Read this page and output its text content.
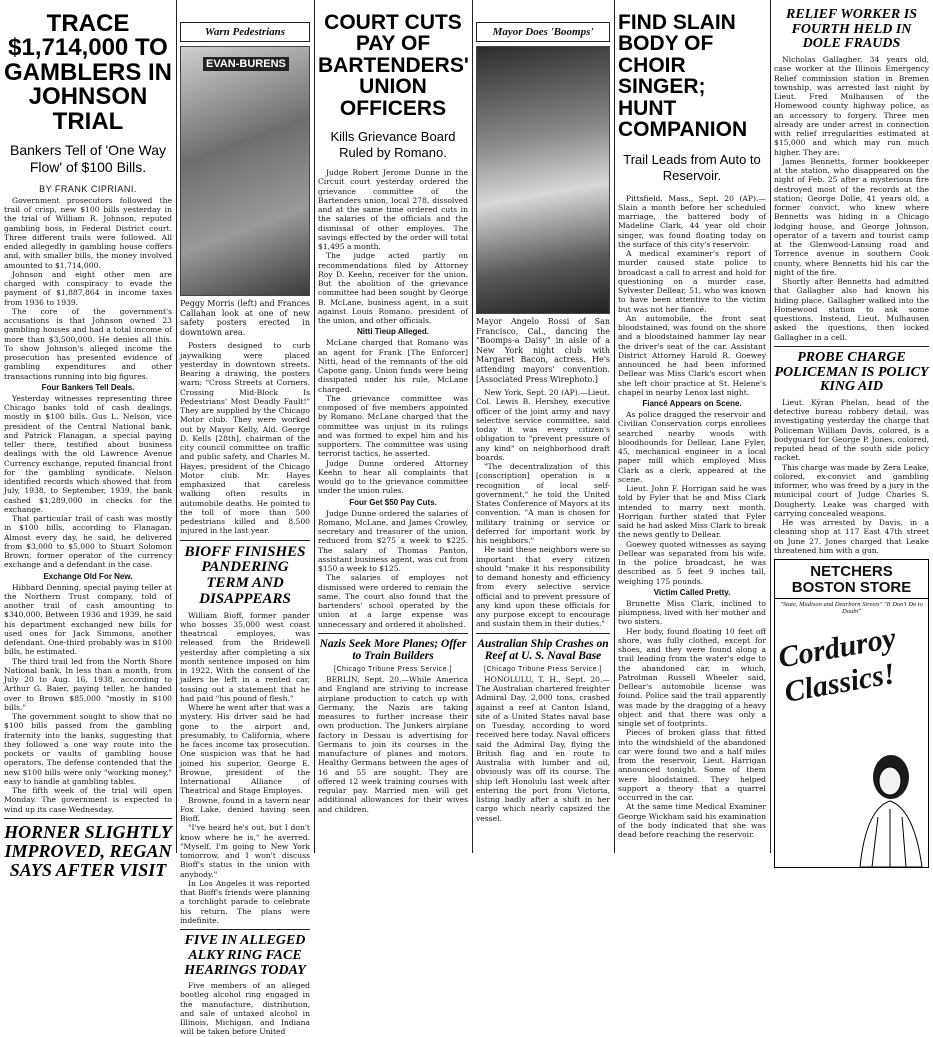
TRACE $1,714,000 TO GAMBLERS IN JOHNSON TRIAL
Bankers Tell of 'One Way Flow' of $100 Bills.
BY FRANK CIPRIANI.

Government prosecutors followed the trail of crisp, new $100 bills yesterday in the trial of William R. Johnson, reputed gambling boss, in Federal District court. Three different trails were followed. All ended allegedly in gambling house coffers and, with smaller bills, the money involved amounted to $1,714,000.

Johnson and eight other men are charged with conspiracy to evade the payment of $1,887,864 in income taxes from 1936 to 1939.

The core of the government's accusations is that Johnson owned 23 gambling houses and had a total income of more than $3,500,000. He denies all this. To show Johnson's alleged income the prosecution has presented evidence of gambling expenditures and other transactions running into big figures.

Four Bankers Tell Deals.

Yesterday witnesses representing three Chicago banks told of cash dealings, mostly in $100 bills. Gus L. Nelson, vice president of the Central National bank, and Patrick Flanagan, a special paying teller there, testified about business dealings with the old Lawrence Avenue Currency exchange, reputed financial front for the gambling syndicate. Nelson identified records which showed that from July, 1938, to September, 1939, the bank cashed $1,289,000 in checks for the exchange.

That particular trail of cash was mostly in $100 bills, according to Flanagan. Almost every day, he said, he delivered from $3,000 to $5,000 to Stuart Solomon Brown, former operator of the currency exchange and a defendant in the case.

Exchange Old For New.

Hibbard Denning, special paying teller at the Northern Trust company, told of another trail of cash amounting to $340,000. Between 1936 and 1939, he said his department exchanged new bills for used ones for Jack Simmons, another defendant. One-third probably was in $100 bills, he estimated.

The third trail led from the North Shore National bank. In less than a month, from July 20 to Aug. 16, 1938, according to Arthur G. Baier, paying teller, he handed over to Brown $85,000 "mostly in $100 bills."

The government sought to show that no $100 bills passed from the gambling fraternity into the banks, suggesting that they followed a one way route into the pockets or vaults of gambling house operators. The defense contended that the new $100 bills were only "working money," easy to handle at gambling tables.

The fifth week of the trial will open Monday. The government is expected to wind up its case Wednesday.

HORNER SLIGHTLY IMPROVED, REGAN SAYS AFTER VISIT
Warn Pedestrians
EVAN-BURENS
Peggy Morris (left) and Frances Callahan look at one of new safety posters erected in downtown area.

Posters designed to curb jaywalking were placed yesterday in downtown streets. Bearing a drawing, the posters warn: "Cross Streets at Corners. Crossing Mid-Block Is Pedestrians' Most Deadly Fault!" They are supplied by the Chicago Motor club. They were worked out by Mayor Kelly, Ald. George D. Kells [28th], chairman of the city council committee on traffic and public safety, and Charles M. Hayes, president of the Chicago Motor club. Mr. Hayes emphasized that careless walking often results in automobile deaths. He pointed to the toll of more than 500 pedestrians killed and 8,500 injured in the last year.

BIOFF FINISHES PANDERING TERM AND DISAPPEARS

William Bioff, former pander who bosses 35,000 west coast theatrical employes, was released from the Bridewell yesterday after completing a six month sentence imposed on him in 1922. With the consent of the jailers he left in a rented car, tossing out a statement that he had paid "his pound of flesh."

Where he went after that was a mystery. His driver said he had gone to the airport and, presumably, to California, where he faces income tax prosecution. One suspicion was that he had joined his superior, George E. Browne, president of the International Alliance of Theatrical and Stage Employes.

Browne, found in a tavern near Fox Lake, denied having seen Bioff.

"I've heard he's out, but I don't know where he is," he averred. "Myself, I'm going to New York tomorrow, and I won't discuss Bioff's status in the union with anybody."

In Los Angeles it was reported that Bioff's friends were planning a torchlight parade to celebrate his return. The plans were indefinite.

FIVE IN ALLEGED ALKY RING FACE HEARINGS TODAY

Five members of an alleged bootleg alcohol ring engaged in the manufacture, distribution, and sale of untaxed alcohol in Illinois, Michigan, and Indiana will be taken before United

COURT CUTS PAY OF BARTENDERS' UNION OFFICERS
Kills Grievance Board Ruled by Romano.

Judge Robert Jerome Dunne in the Circuit court yesterday ordered the grievance committee of the Bartenders union, local 278, dissolved and at the same time ordered cuts in the salaries of the officials and the dismissal of other employes. The savings effected by the order will total $1,495 a month.

The judge acted partly on recommendations filed by Attorney Roy D. Keehn, receiver for the union. But the abolition of the grievance committee had been sought by George B. McLane, business agent, in a suit against Louis Romano, president of the union, and other officials.

Nitti Tieup Alleged.

McLane charged that Romano was an agent for Frank [The Enforcer] Nitti, head of the remnants of the old Capone gang. Union funds were being dissipated under his rule, McLane charged.

The grievance committee was composed of five members appointed by Romano. McLane charged that the committee was unjust in its rulings and was formed to expel him and his supporters. The committee was using terrorist tactics, he asserted.

Judge Dunne ordered Attorney Keehn to hear all complaints that would go to the grievance committee under the union rules.

Four Get $50 Pay Cuts.

Judge Dunne ordered the salaries of Romano, McLane, and James Crowley, secretary and treasurer of the union, reduced from $275 a week to $225. The salary of Thomas Panton, assistant business agent, was cut from $150 a week to $125.

The salaries of employes not dismissed were ordered to remain the same. The court also found that the bartenders' school operated by the union at a large expense was unnecessary and ordered it abolished.

Nazis Seek More Planes; Offer to Train Builders
[Chicago Tribune Press Service.]

BERLIN, Sept. 20.—While America and England are striving to increase airplane production to catch up with Germany, the Nazis are taking measures to further increase their own production. The Junkers airplane factory in Dessau is advertising for Germans to join its courses in the manufacture of planes and motors. Healthy Germans between the ages of 16 and 55 are sought. They are offered 12 week training courses with regular pay. Married men will get additional allowances for their wives and children.

Mayor Does 'Boomps'
Mayor Angelo Rossi of San Francisco, Cal., dancing the "Boomps-a Daisy" in aisle of a New York night club with Margaret Bacon, actress. He's attending mayors' convention. [Associated Press Wirephoto.]

New York, Sept. 20 (AP).—Lieut. Col. Lewis B. Hershey, executive officer of the joint army and navy selective service committee, said today it was every citizen's obligation to "prevent pressure of any kind" on neighborhood draft boards.

"The decentralization of this [conscription] operation is a recognition of local self-government," he told the United States Conference of Mayors at its convention. "A man is chosen for military training or service or deferred for important work by his neighbors."

He said these neighbors were so important that every citizen should "make it his responsibility to demand honesty and efficiency from every selective service official and to prevent pressure of any kind upon these officials for any purpose except to encourage and sustain them in their duties."

Australian Ship Crashes on Reef at U. S. Naval Base
[Chicago Tribune Press Service.]

HONOLULU, T. H., Sept. 20.—The Australian chartered freighter Admiral Day, 2,000 tons, crashed against a reef at Canton Island, site of a United States naval base on Tuesday, according to word received here today. Naval officers said the Admiral Day, flying the British flag and en route to Australia with lumber and oil, obviously was off its course. The ship left Honolulu last week after entering the port from Victoria, listing badly after a shift in her cargo which nearly capsized the vessel.

FIND SLAIN BODY OF CHOIR SINGER; HUNT COMPANION
Trail Leads from Auto to Reservoir.

Pittsfield, Mass., Sept. 20 (AP).—Slain a month before her scheduled marriage, the battered body of Madeline Clark, 44 year old choir singer, was found floating today on the surface of this city's reservoir.

A medical examiner's report of murder caused state police to broadcast a call to arrest and hold for questioning on a murder case, Sylvester Dellear, 51, who was known to have been attentive to the victim but was not her fiancé.

An automobile, the front seat bloodstained, was found on the shore and a bloodstained hammer lay near the driver's seat of the car. Assistant District Attorney Harold R. Goewey announced he had been informed Dellear was Miss Clark's escort when she left choir practice at St. Helene's chapel in nearby Lenox last night.

Fiancé Appears on Scene.

As police dragged the reservoir and Civilian Conservation corps enrollees searched nearby woods with bloodhounds for Dellear, Lane Fyler, 45, mechanical engineer in a local paper mill which employed Miss Clark as a clerk, appeared at the scene.

Lieut. John F. Horrigan said he was told by Fyler that he and Miss Clark intended to marry next month. Horrigan further stated that Fyler said he had asked Miss Clark to break the news gently to Dellear.

Goewey quoted witnesses as saying Dellear was separated from his wife. In the police broadcast, he was described as 5 feet 9 inches tall, weighing 175 pounds.

Victim Called Pretty.

Brunette Miss Clark, inclined to plumpness, lived with her mother and two sisters.

Her body, found floating 10 feet off shore, was fully clothed, except for shoes, and they were found along a trail leading from the water's edge to the abandoned car, in which, Patrolman Russell Wheeler said, Dellear's automobile license was found. Police said the trail apparently was made by the dragging of a heavy object and that there was only a single set of footprints.

Pieces of broken glass that fitted into the windshield of the abandoned car were found two and a half miles from the reservoir, Lieut. Harrigan announced tonight. Some of them were bloodstained. They helped support a theory that a quarrel occurred in the car.

At the same time Medical Examiner George Wickham said his examination of the body indicated that she was dead before reaching the reservoir.

RELIEF WORKER IS FOURTH HELD IN DOLE FRAUDS

Nicholas Gallagher, 34 years old, case worker at the Illinois Emergency Relief commission station in Bremen township, was arrested last night by Lieut. Fred Mulhausen of the Homewood county highway police, as an accessory to forgery. Three men already are under arrest in connection with relief irregularities estimated at $15,000 and which may run much higher. They are:

James Bennetts, former bookkeeper at the station, who disappeared on the night of Feb. 25 after a mysterious fire destroyed most of the records at the station; George Dolle, 41 years old, a former convict, who knew where Bennetts was hiding in a Chicago lodging house, and George Johnson, operator of a tavern and tourist camp at the Glenwood-Lansing road and Torrence avenue in southern Cook county, where Bennetts hid his car the night of the fire.

Shortly after Bennetts had admitted that Gallagher also had known his hiding place, Gallagher walked into the Homewood station to ask some questions. Instead, Lieut. Mulhausen asked the questions, then locked Gallagher in a cell.

PROBE CHARGE POLICEMAN IS POLICY KING AID

Lieut. Kýran Phelan, head of the detective bureau robbery detail, was investigating yesterday the charge that Policeman William Davis, colored, is a bodyguard for George P. Jones, colored, reputed head of the south side policy racket.

This charge was made by Zera Leake, colored, ex-convict and gambling informer, who was freed by a jury in the municipal court of Judge Charles S. Dougherty. Leake was charged with carrying concealed weapons.

He was arrested by Davis, in a cleaning shop at 117 East 47th street on June 27. Jones charged that Leake threatened him with a gun.

NETCHERS BOSTON STORE
"State, Madison and Dearborn Streets" "It Don't Do to Doubt"
Corduroy Classics!
